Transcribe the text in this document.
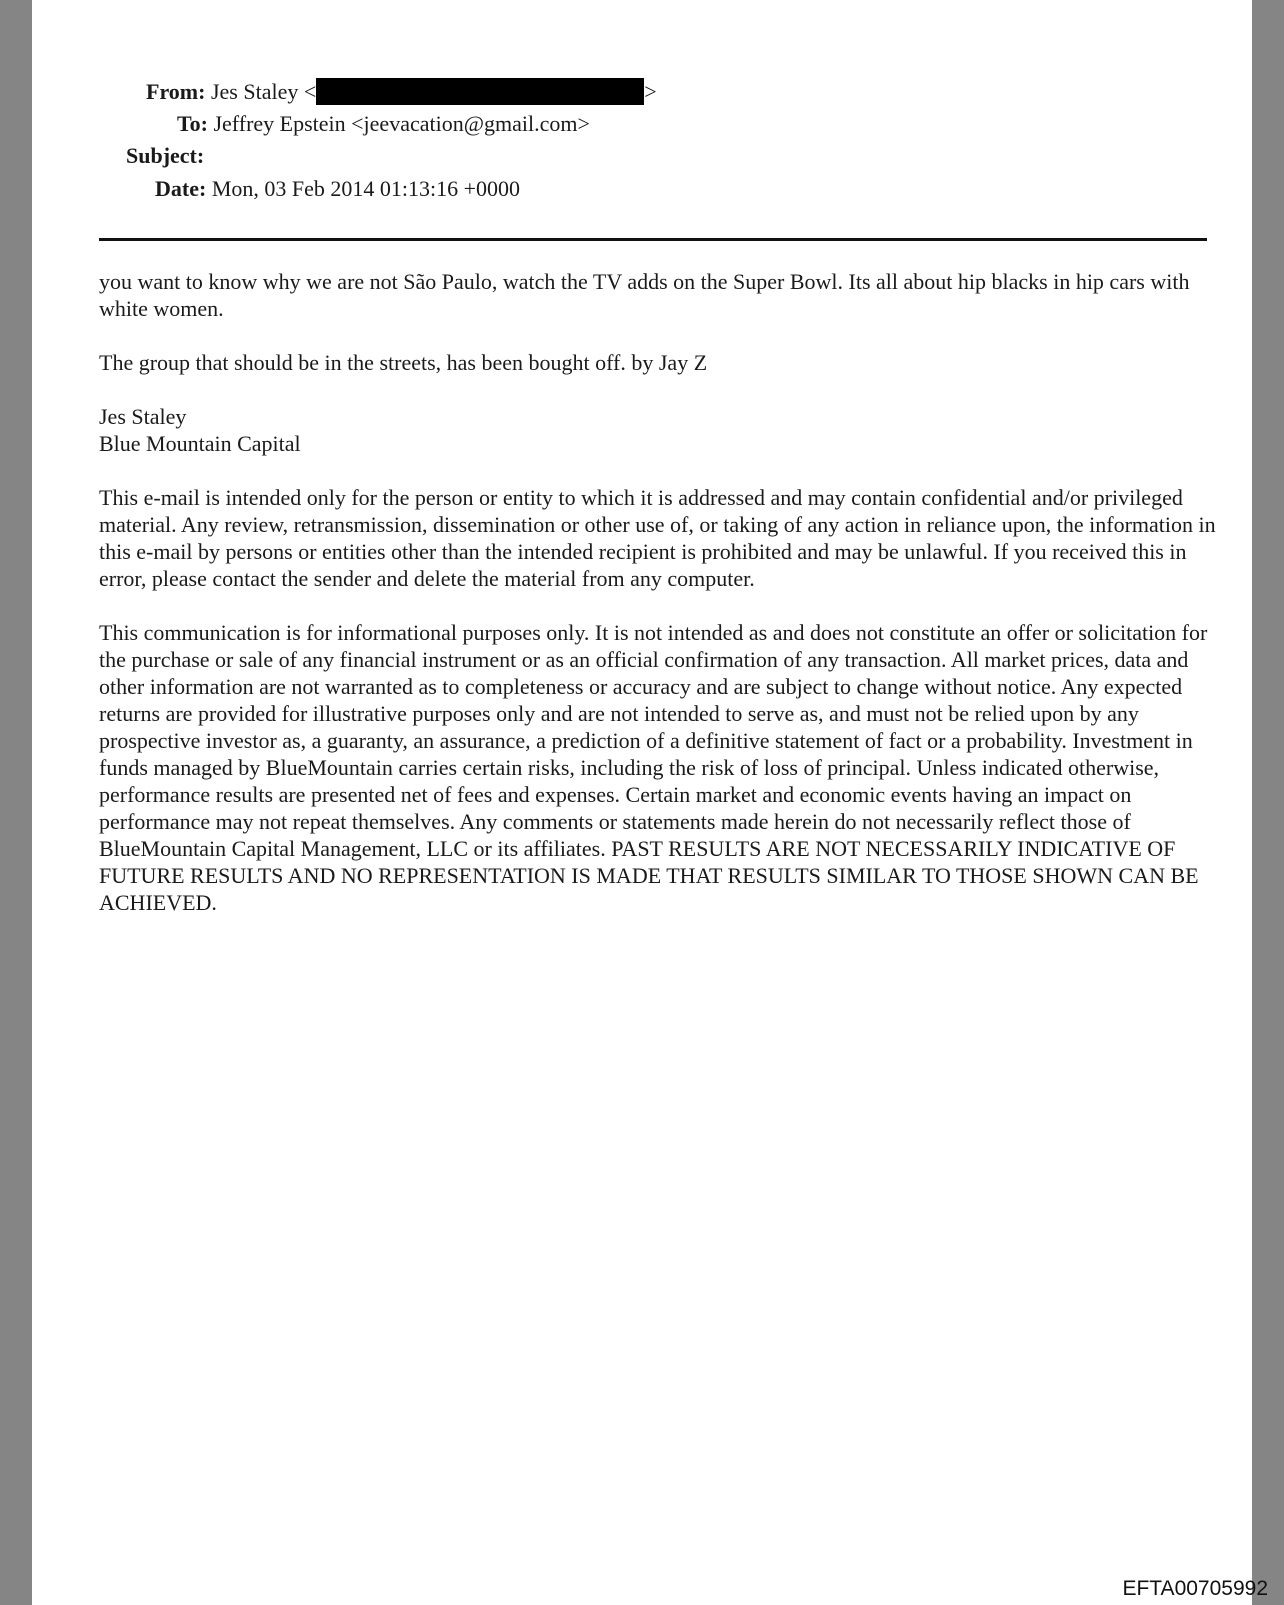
From: Jes Staley <	>
To: Jeffrey Epstein <jeevacation@gmail.com>
Subject:
Date: Mon, 03 Feb 2014 01:13:16 +0000

you want to know why we are not São Paulo, watch the TV adds on the Super Bowl. Its all about hip blacks in hip cars with white women.

The group that should be in the streets, has been bought off. by Jay Z

Jes Staley
Blue Mountain Capital

This e-mail is intended only for the person or entity to which it is addressed and may contain confidential and/or privileged material. Any review, retransmission, dissemination or other use of, or taking of any action in reliance upon, the information in this e-mail by persons or entities other than the intended recipient is prohibited and may be unlawful. If you received this in error, please contact the sender and delete the material from any computer.

This communication is for informational purposes only. It is not intended as and does not constitute an offer or solicitation for the purchase or sale of any financial instrument or as an official confirmation of any transaction. All market prices, data and other information are not warranted as to completeness or accuracy and are subject to change without notice. Any expected returns are provided for illustrative purposes only and are not intended to serve as, and must not be relied upon by any prospective investor as, a guaranty, an assurance, a prediction of a definitive statement of fact or a probability. Investment in funds managed by BlueMountain carries certain risks, including the risk of loss of principal. Unless indicated otherwise, performance results are presented net of fees and expenses. Certain market and economic events having an impact on performance may not repeat themselves. Any comments or statements made herein do not necessarily reflect those of BlueMountain Capital Management, LLC or its affiliates. PAST RESULTS ARE NOT NECESSARILY INDICATIVE OF FUTURE RESULTS AND NO REPRESENTATION IS MADE THAT RESULTS SIMILAR TO THOSE SHOWN CAN BE ACHIEVED.

EFTA00705992
